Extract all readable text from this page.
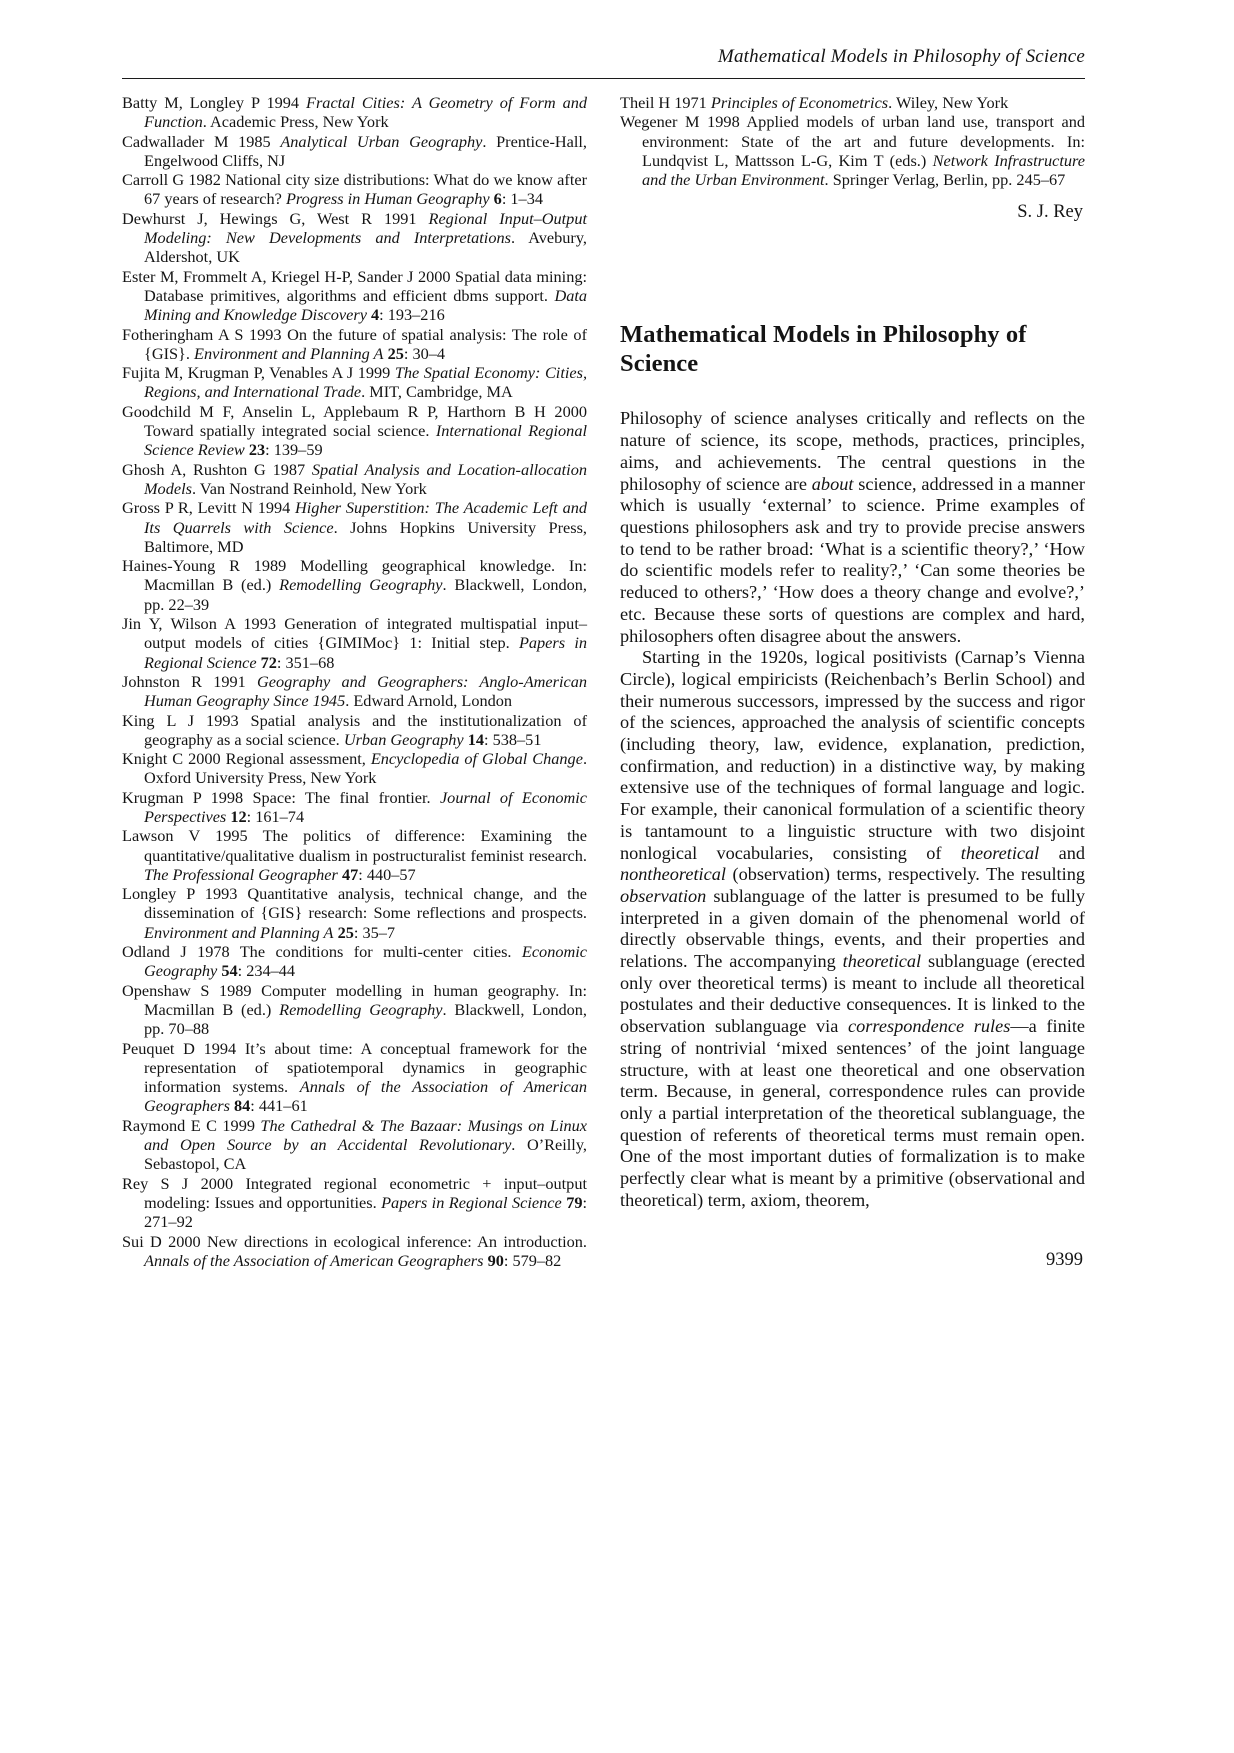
Mathematical Models in Philosophy of Science

Batty M, Longley P 1994 Fractal Cities: A Geometry of Form and Function. Academic Press, New York

Cadwallader M 1985 Analytical Urban Geography. Prentice-Hall, Engelwood Cliffs, NJ

Carroll G 1982 National city size distributions: What do we know after 67 years of research? Progress in Human Geography 6: 1–34

Dewhurst J, Hewings G, West R 1991 Regional Input–Output Modeling: New Developments and Interpretations. Avebury, Aldershot, UK

Ester M, Frommelt A, Kriegel H-P, Sander J 2000 Spatial data mining: Database primitives, algorithms and efficient dbms support. Data Mining and Knowledge Discovery 4: 193–216

Fotheringham A S 1993 On the future of spatial analysis: The role of {GIS}. Environment and Planning A 25: 30–4

Fujita M, Krugman P, Venables A J 1999 The Spatial Economy: Cities, Regions, and International Trade. MIT, Cambridge, MA

Goodchild M F, Anselin L, Applebaum R P, Harthorn B H 2000 Toward spatially integrated social science. International Regional Science Review 23: 139–59

Ghosh A, Rushton G 1987 Spatial Analysis and Location-allocation Models. Van Nostrand Reinhold, New York

Gross P R, Levitt N 1994 Higher Superstition: The Academic Left and Its Quarrels with Science. Johns Hopkins University Press, Baltimore, MD

Haines-Young R 1989 Modelling geographical knowledge. In: Macmillan B (ed.) Remodelling Geography. Blackwell, London, pp. 22–39

Jin Y, Wilson A 1993 Generation of integrated multispatial input–output models of cities {GIMIMoc} 1: Initial step. Papers in Regional Science 72: 351–68

Johnston R 1991 Geography and Geographers: Anglo-American Human Geography Since 1945. Edward Arnold, London

King L J 1993 Spatial analysis and the institutionalization of geography as a social science. Urban Geography 14: 538–51

Knight C 2000 Regional assessment, Encyclopedia of Global Change. Oxford University Press, New York

Krugman P 1998 Space: The final frontier. Journal of Economic Perspectives 12: 161–74

Lawson V 1995 The politics of difference: Examining the quantitative/qualitative dualism in postructuralist feminist research. The Professional Geographer 47: 440–57

Longley P 1993 Quantitative analysis, technical change, and the dissemination of {GIS} research: Some reflections and prospects. Environment and Planning A 25: 35–7

Odland J 1978 The conditions for multi-center cities. Economic Geography 54: 234–44

Openshaw S 1989 Computer modelling in human geography. In: Macmillan B (ed.) Remodelling Geography. Blackwell, London, pp. 70–88

Peuquet D 1994 It’s about time: A conceptual framework for the representation of spatiotemporal dynamics in geographic information systems. Annals of the Association of American Geographers 84: 441–61

Raymond E C 1999 The Cathedral & The Bazaar: Musings on Linux and Open Source by an Accidental Revolutionary. O’Reilly, Sebastopol, CA

Rey S J 2000 Integrated regional econometric + input–output modeling: Issues and opportunities. Papers in Regional Science 79: 271–92

Sui D 2000 New directions in ecological inference: An introduction. Annals of the Association of American Geographers 90: 579–82

Theil H 1971 Principles of Econometrics. Wiley, New York

Wegener M 1998 Applied models of urban land use, transport and environment: State of the art and future developments. In: Lundqvist L, Mattsson L-G, Kim T (eds.) Network Infrastructure and the Urban Environment. Springer Verlag, Berlin, pp. 245–67

S. J. Rey
Mathematical Models in Philosophy of Science

Philosophy of science analyses critically and reflects on the nature of science, its scope, methods, practices, principles, aims, and achievements. The central questions in the philosophy of science are about science, addressed in a manner which is usually ‘external’ to science. Prime examples of questions philosophers ask and try to provide precise answers to tend to be rather broad: ‘What is a scientific theory?,’ ‘How do scientific models refer to reality?,’ ‘Can some theories be reduced to others?,’ ‘How does a theory change and evolve?,’ etc. Because these sorts of questions are complex and hard, philosophers often disagree about the answers.

Starting in the 1920s, logical positivists (Carnap’s Vienna Circle), logical empiricists (Reichenbach’s Berlin School) and their numerous successors, impressed by the success and rigor of the sciences, approached the analysis of scientific concepts (including theory, law, evidence, explanation, prediction, confirmation, and reduction) in a distinctive way, by making extensive use of the techniques of formal language and logic. For example, their canonical formulation of a scientific theory is tantamount to a linguistic structure with two disjoint nonlogical vocabularies, consisting of theoretical and nontheoretical (observation) terms, respectively. The resulting observation sublanguage of the latter is presumed to be fully interpreted in a given domain of the phenomenal world of directly observable things, events, and their properties and relations. The accompanying theoretical sublanguage (erected only over theoretical terms) is meant to include all theoretical postulates and their deductive consequences. It is linked to the observation sublanguage via correspondence rules—a finite string of nontrivial ‘mixed sentences’ of the joint language structure, with at least one theoretical and one observation term. Because, in general, correspondence rules can provide only a partial interpretation of the theoretical sublanguage, the question of referents of theoretical terms must remain open. One of the most important duties of formalization is to make perfectly clear what is meant by a primitive (observational and theoretical) term, axiom, theorem,

9399
